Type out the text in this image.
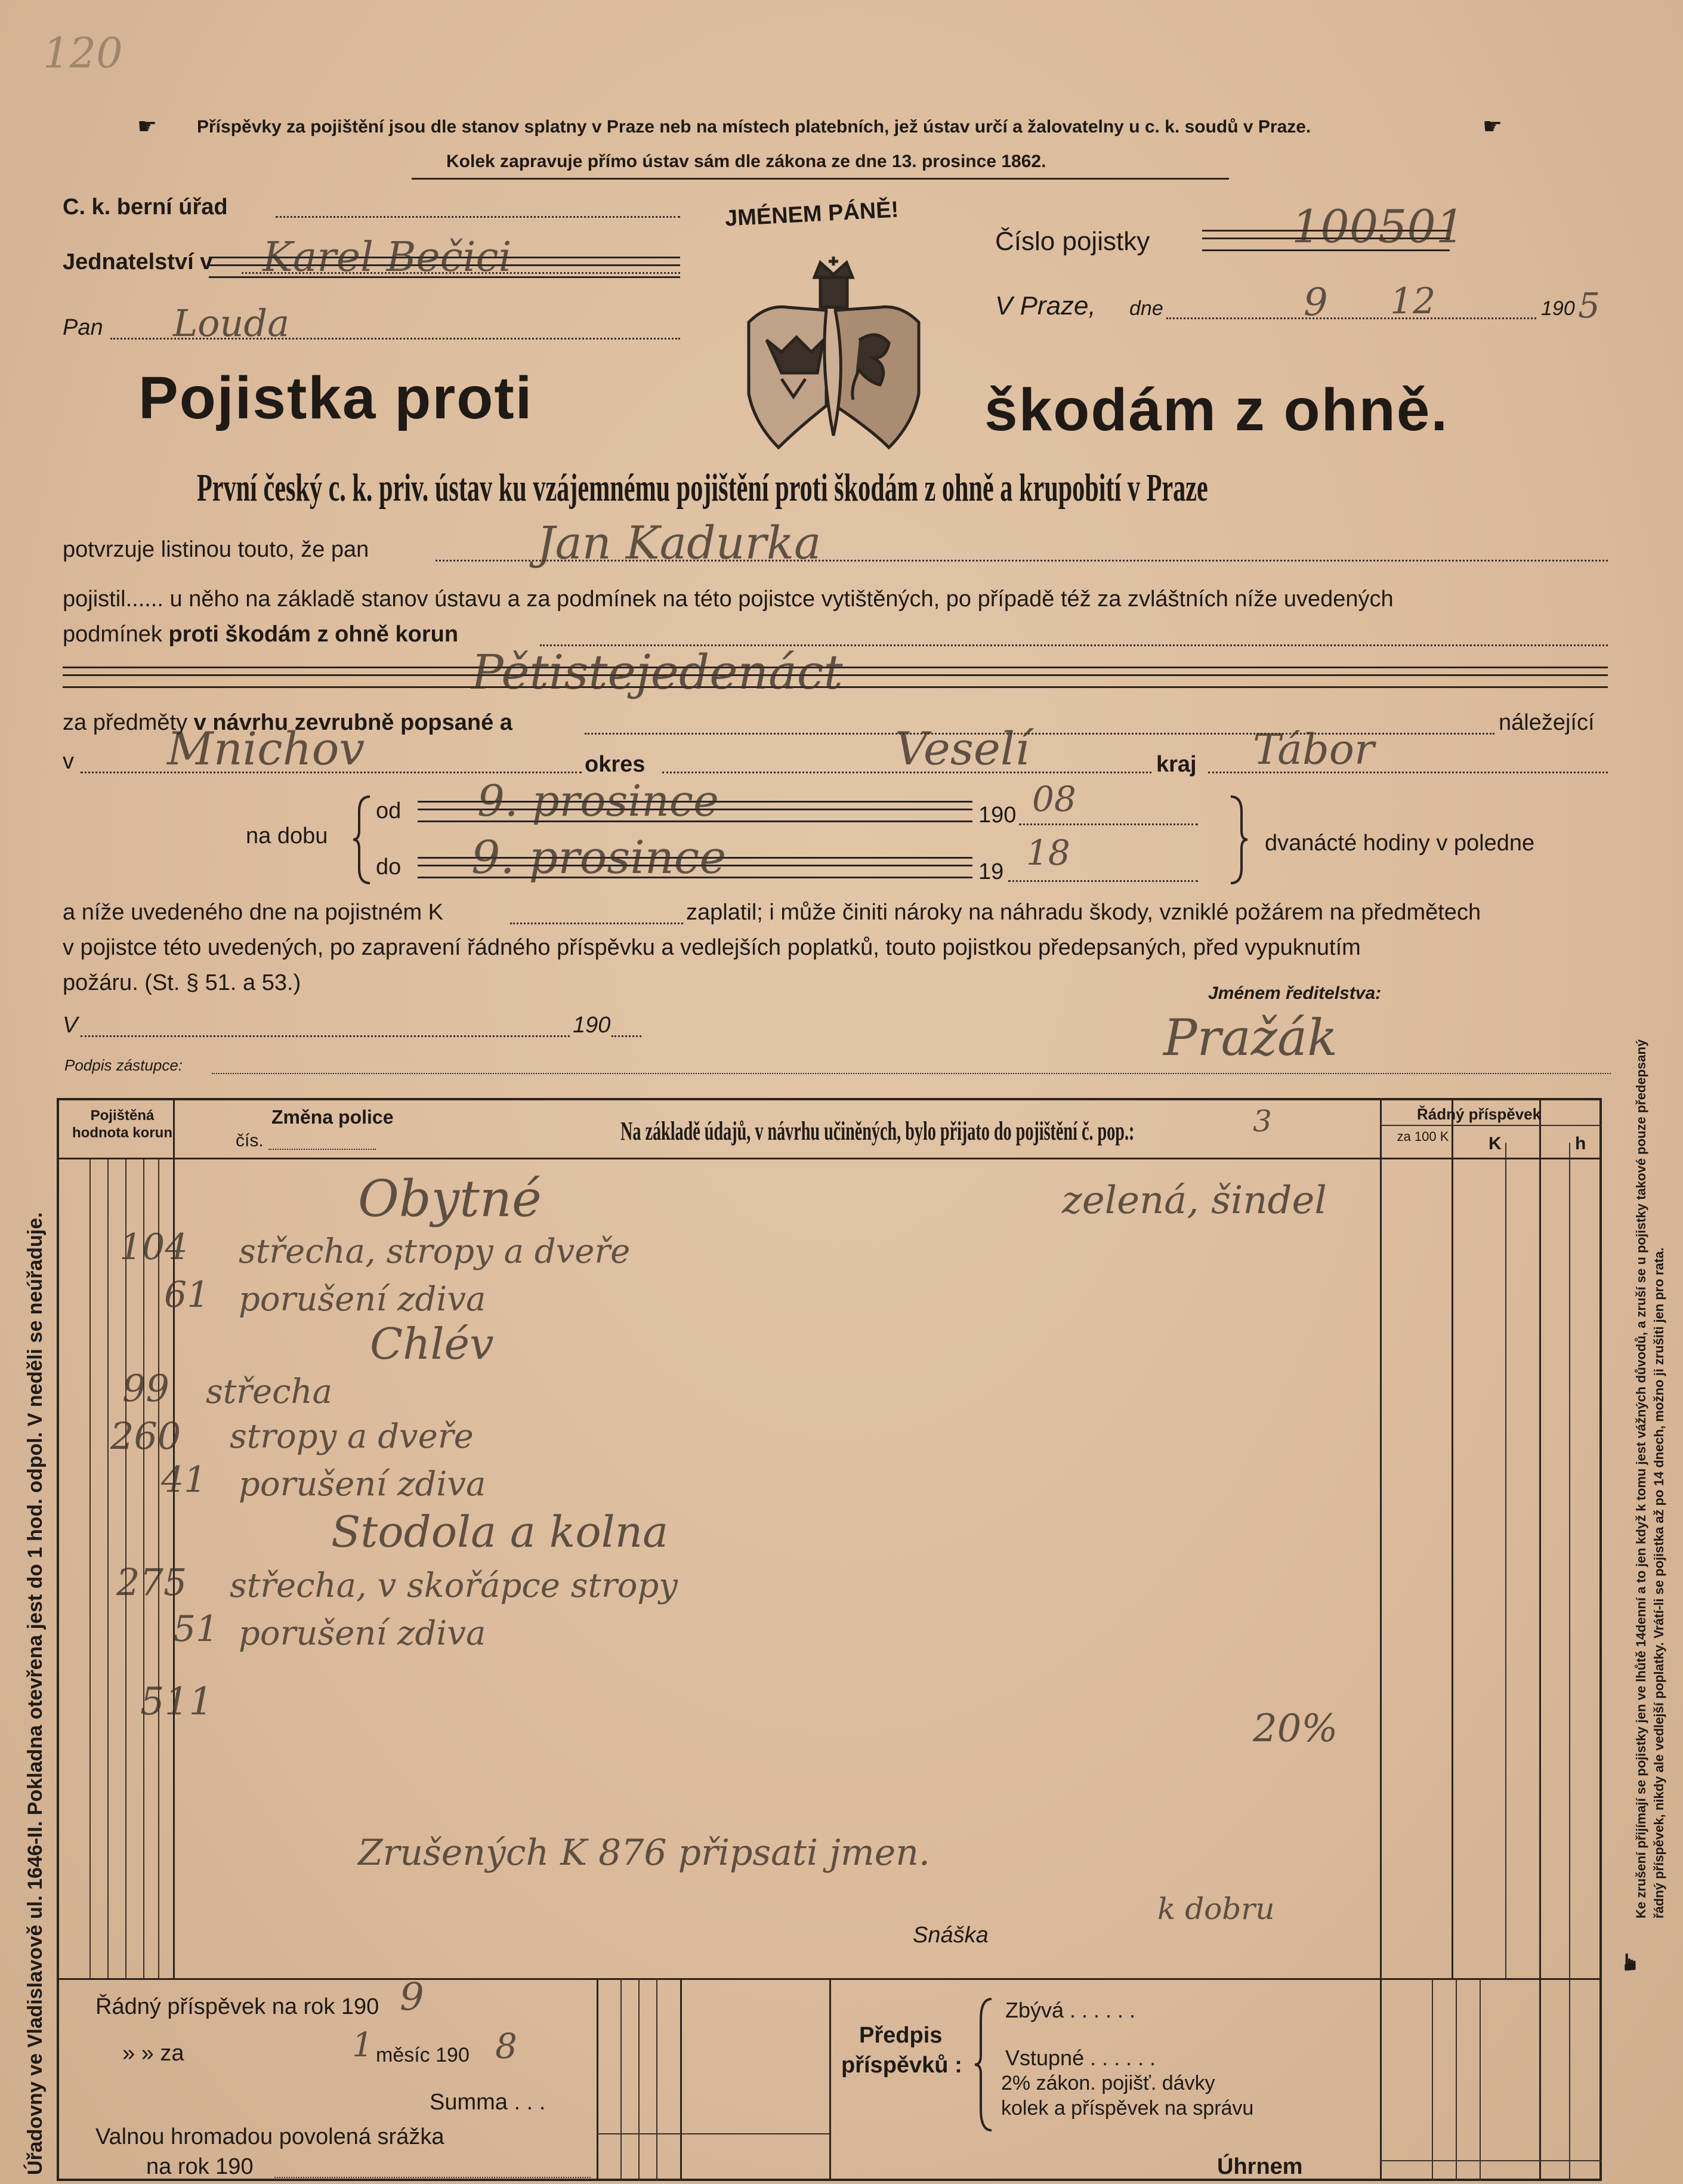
120
☛ Příspěvky za pojištění jsou dle stanov splatny v Praze neb na místech platebních, jež ústav určí a žalovatelny u c. k. soudů v Praze.	☛
Kolek zapravuje přímo ústav sám dle zákona ze dne 13. prosince 1862.
C. k. berní úřad
Jednatelství v Karel Bečici
Pan Louda
JMÉNEM PÁNĚ!
Číslo pojistky	100501
V Praze, dne	9 12	190 5
Pojistka proti	škodám z ohně.
První český c. k. priv. ústav ku vzájemnému pojištění proti škodám z ohně a krupobití v Praze
potvrzuje listinou touto, že pan	Jan Kadurka
pojistil...... u něho na základě stanov ústavu a za podmínek na této pojistce vytištěných, po případě též za zvláštních níže uvedených
podmínek proti škodám z ohně korun
Pětistejedenáct
za předměty v návrhu zevrubně popsané a	náležející
v Mnichov	okres	Veselí	kraj Tábor
na dobu
od 9. prosince	190 08
do 9. prosince	19 18	dvanácté hodiny v poledne
a níže uvedeného dne na pojistném K	zaplatil; i může činiti nároky na náhradu škody, vzniklé požárem na předmětech
v pojistce této uvedených, po zapravení řádného příspěvku a vedlejších poplatků, touto pojistkou předepsaných, před vypuknutím
požáru. (St. § 51. a 53.)	Jménem ředitelstva:
Pražák
V	190
Podpis zástupce:
Pojištěná hodnota korun
Změna police
čís.	Na základě údajů, v návrhu učiněných, bylo přijato do pojištění č. pop.:	3	Řádný příspěvek
za 100 K K	h
Obytné	zelená, šindel
104 střecha, stropy a dveře
61 porušení zdiva
Chlév
99 střecha
260 stropy a dveře
41 porušení zdiva
Stodola a kolna
275 střecha, v skořápce stropy
51 porušení zdiva
511
20%
Zrušených K 876 připsati jmen.
k dobru
Snáška
Řádný příspěvek na rok 190 9
» » za	1 měsíc 190 8
Summa . . .
Valnou hromadou povolená srážka
na rok 190
Předpis
příspěvků :
Zbývá . . . . . .
Vstupné . . . . . .
2% zákon. pojišť. dávky
kolek a příspěvek na správu
Úhrnem
Úřadovny ve Vladislavově ul. 1646-II. Pokladna otevřena jest do 1 hod. odpol. V neděli se neúřaduje.	Ke zrušení přijímají se pojistky jen ve lhůtě 14denní a to jen když k tomu jest vážných důvodů, a zruší se u pojistky takové pouze předepsaný řádný příspěvek, nikdy ale vedlejší poplatky. Vrátí-li se pojistka až po 14 dnech, možno ji zrušiti jen pro rata.
☛
